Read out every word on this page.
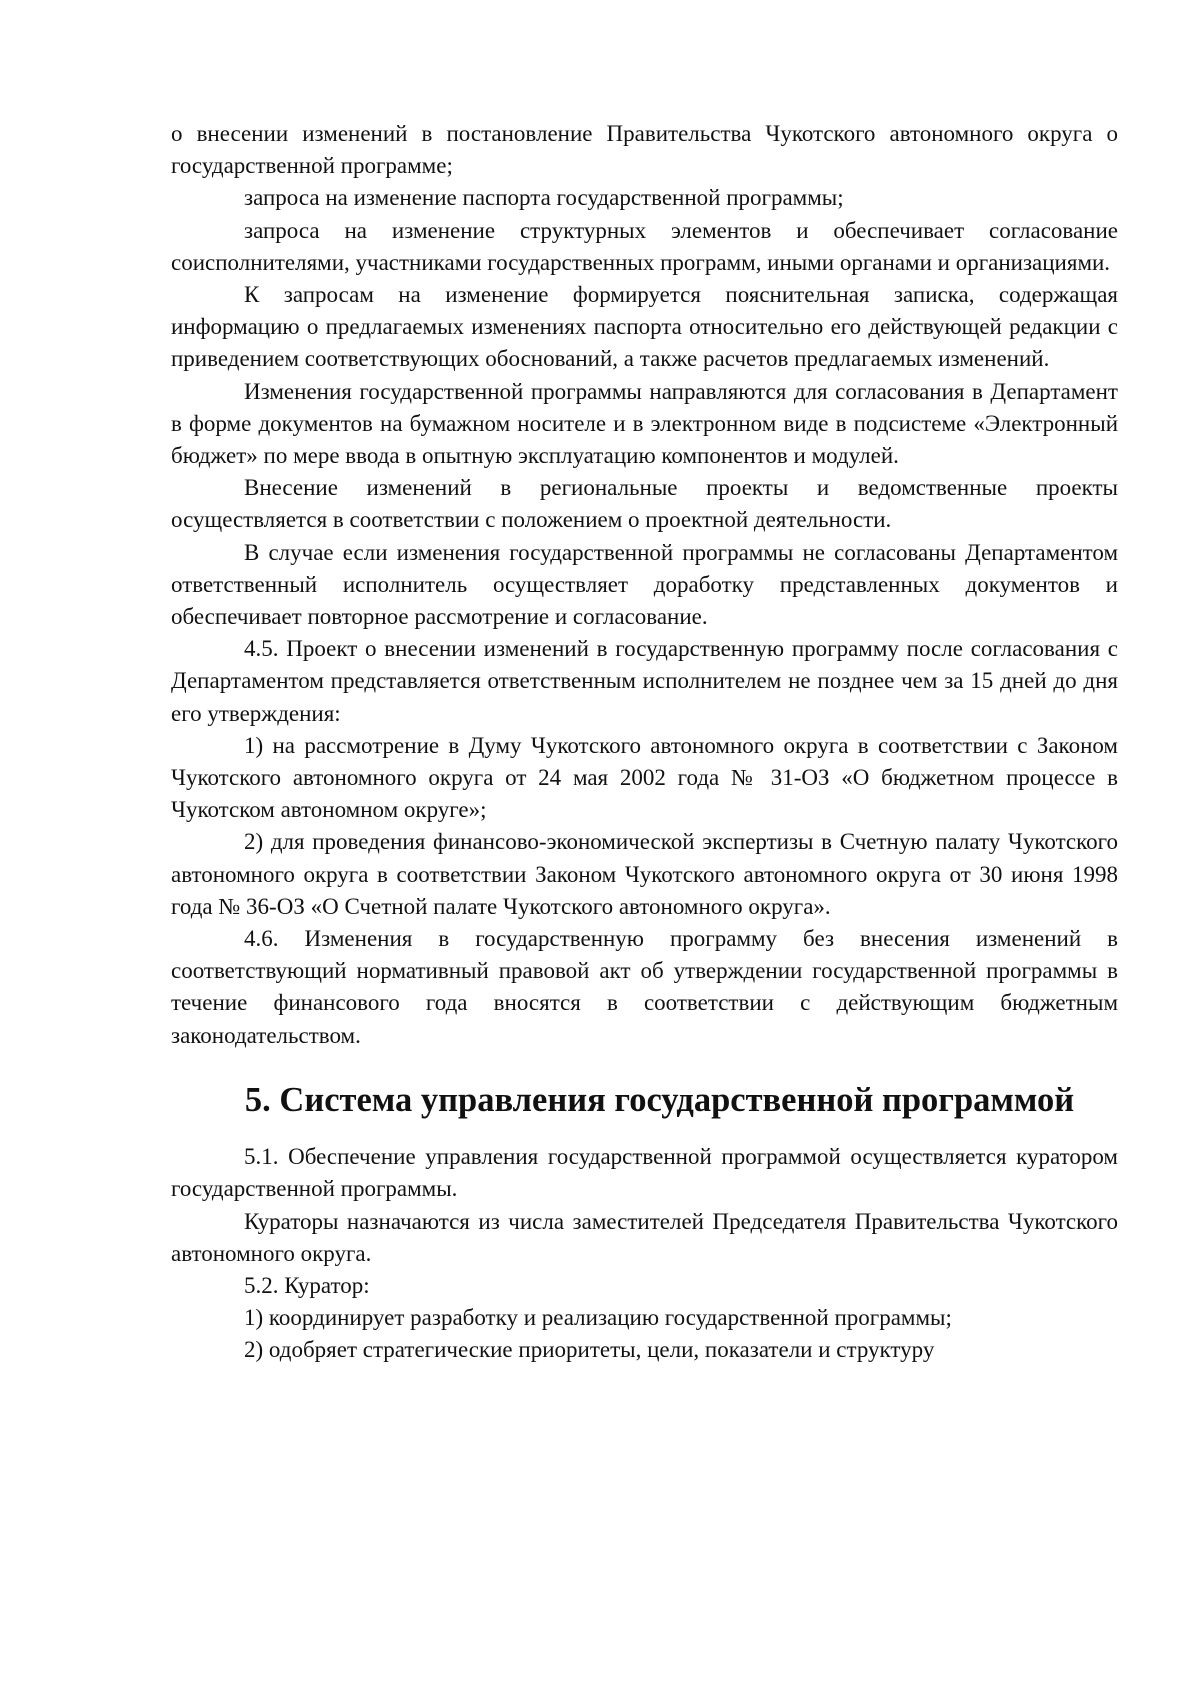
о внесении изменений в постановление Правительства Чукотского автономного округа о государственной программе;

запроса на изменение паспорта государственной программы;

запроса на изменение структурных элементов и обеспечивает согласование соисполнителями, участниками государственных программ, иными органами и организациями.

К запросам на изменение формируется пояснительная записка, содержащая информацию о предлагаемых изменениях паспорта относительно его действующей редакции с приведением соответствующих обоснований, а также расчетов предлагаемых изменений.

Изменения государственной программы направляются для согласования в Департамент в форме документов на бумажном носителе и в электронном виде в подсистеме «Электронный бюджет» по мере ввода в опытную эксплуатацию компонентов и модулей.

Внесение изменений в региональные проекты и ведомственные проекты осуществляется в соответствии с положением о проектной деятельности.

В случае если изменения государственной программы не согласованы Департаментом ответственный исполнитель осуществляет доработку представленных документов и обеспечивает повторное рассмотрение и согласование.

4.5. Проект о внесении изменений в государственную программу после согласования с Департаментом представляется ответственным исполнителем не позднее чем за 15 дней до дня его утверждения:

1) на рассмотрение в Думу Чукотского автономного округа в соответствии с Законом Чукотского автономного округа от 24 мая 2002 года № 31-ОЗ «О бюджетном процессе в Чукотском автономном округе»;

2) для проведения финансово-экономической экспертизы в Счетную палату Чукотского автономного округа в соответствии Законом Чукотского автономного округа от 30 июня 1998 года № 36-ОЗ «О Счетной палате Чукотского автономного округа».

4.6. Изменения в государственную программу без внесения изменений в соответствующий нормативный правовой акт об утверждении государственной программы в течение финансового года вносятся в соответствии с действующим бюджетным законодательством.

5. Система управления государственной программой

5.1. Обеспечение управления государственной программой осуществляется куратором государственной программы.

Кураторы назначаются из числа заместителей Председателя Правительства Чукотского автономного округа.

5.2. Куратор:

1) координирует разработку и реализацию государственной программы;

2) одобряет стратегические приоритеты, цели, показатели и структуру
